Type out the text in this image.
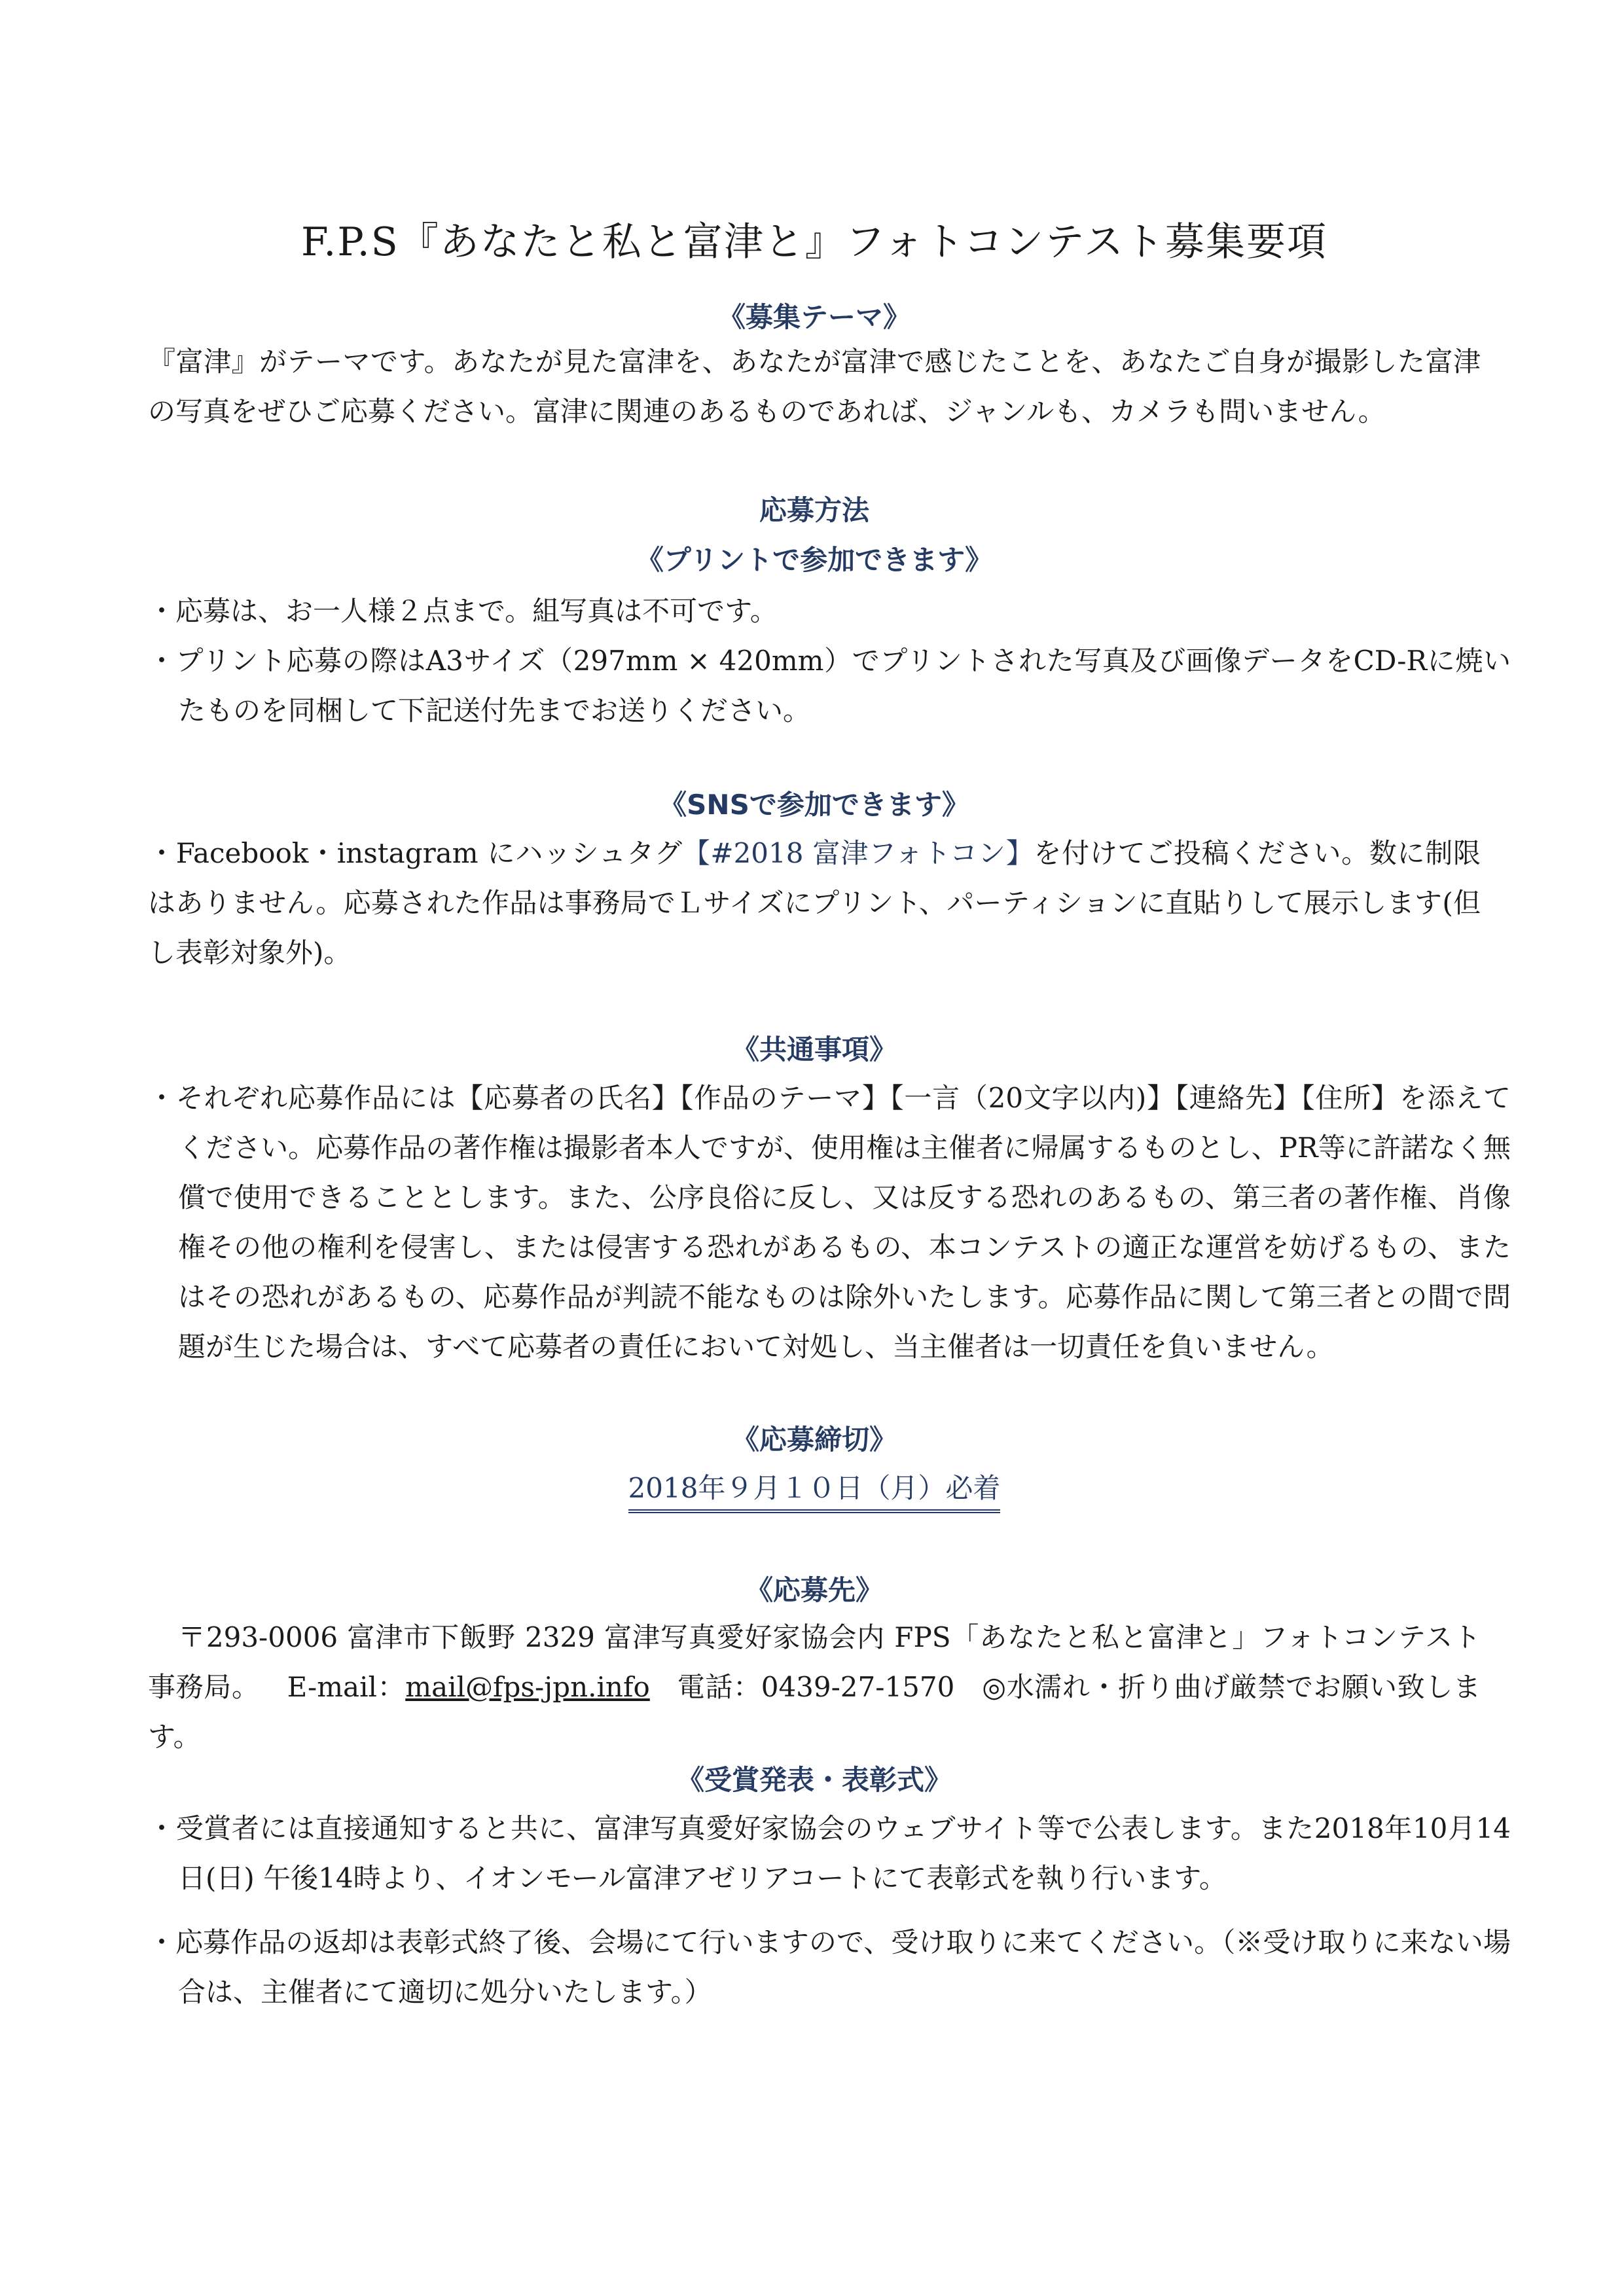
F.P.S『あなたと私と富津と』フォトコンテスト募集要項
《募集テーマ》
『富津』がテーマです。あなたが見た富津を、あなたが富津で感じたことを、あなたご自身が撮影した富津の写真をぜひご応募ください。富津に関連のあるものであれば、ジャンルも、カメラも問いません。
応募方法
《プリントで参加できます》
・応募は、お一人様２点まで。組写真は不可です。
・プリント応募の際はA3サイズ（297mm × 420mm）でプリントされた写真及び画像データをCD-Rに焼いたものを同梱して下記送付先までお送りください。
《SNSで参加できます》
・Facebook・instagram にハッシュタグ【#2018 富津フォトコン】を付けてご投稿ください。数に制限はありません。応募された作品は事務局でＬサイズにプリント、パーティションに直貼りして展示します(但し表彰対象外)。
《共通事項》
・それぞれ応募作品には【応募者の氏名】【作品のテーマ】【一言（20文字以内)】【連絡先】【住所】を添えてください。応募作品の著作権は撮影者本人ですが、使用権は主催者に帰属するものとし、PR等に許諾なく無償で使用できることとします。また、公序良俗に反し、又は反する恐れのあるもの、第三者の著作権、肖像権その他の権利を侵害し、または侵害する恐れがあるもの、本コンテストの適正な運営を妨げるもの、またはその恐れがあるもの、応募作品が判読不能なものは除外いたします。応募作品に関して第三者との間で問題が生じた場合は、すべて応募者の責任において対処し、当主催者は一切責任を負いません。
《応募締切》
2018年９月１０日（月）必着
《応募先》
〒293-0006 富津市下飯野 2329 富津写真愛好家協会内 FPS「あなたと私と富津と」フォトコンテスト事務局。 E-mail：mail@fps-jpn.info 電話：0439-27-1570 ◎水濡れ・折り曲げ厳禁でお願い致します。
《受賞発表・表彰式》
・受賞者には直接通知すると共に、富津写真愛好家協会のウェブサイト等で公表します。また2018年10月14日(日) 午後14時より、イオンモール富津アゼリアコートにて表彰式を執り行います。
・応募作品の返却は表彰式終了後、会場にて行いますので、受け取りに来てください。（※受け取りに来ない場合は、主催者にて適切に処分いたします。）
